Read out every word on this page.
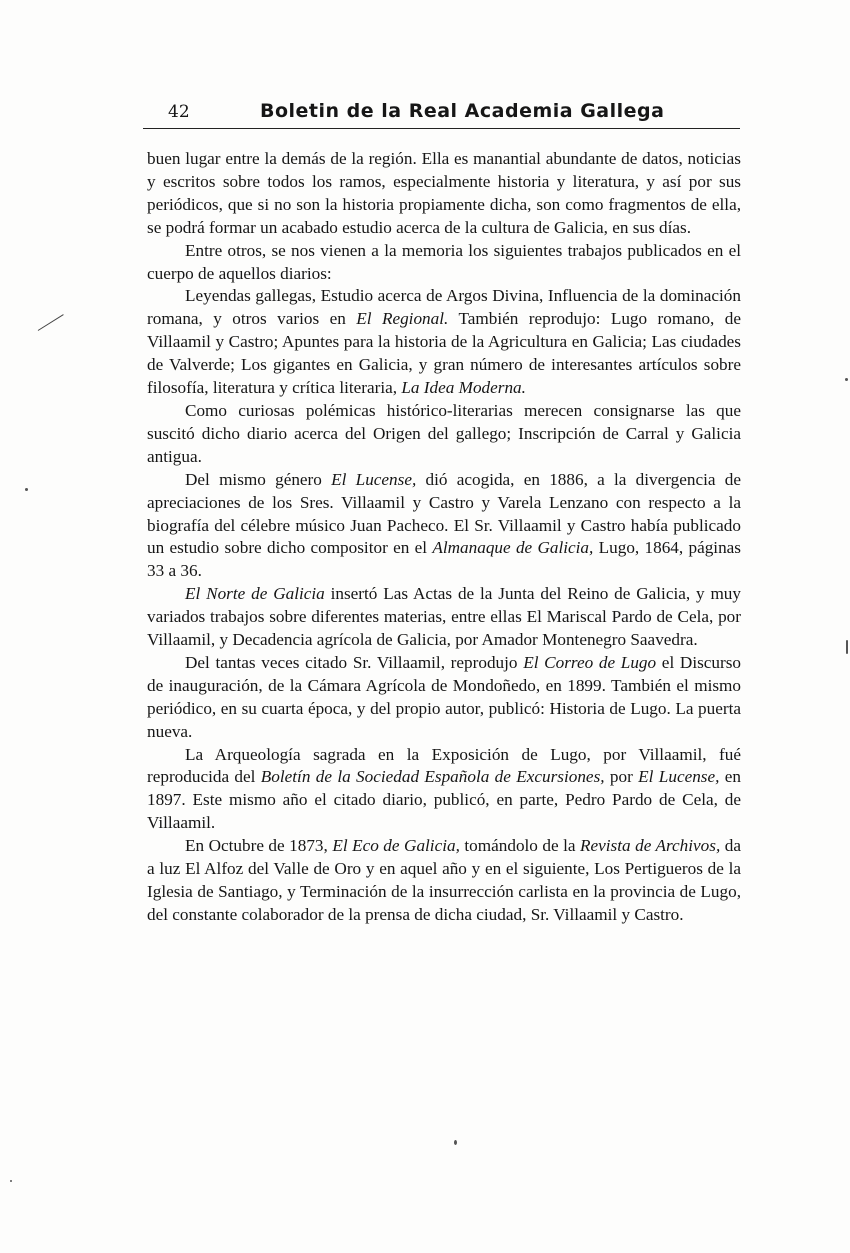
42	Boletin de la Real Academia Gallega

buen lugar entre la demás de la región. Ella es manantial abundante de datos, noticias y escritos sobre todos los ramos, especialmente historia y literatura, y así por sus periódicos, que si no son la historia propiamente dicha, son como fragmentos de ella, se podrá formar un acabado estudio acerca de la cultura de Galicia, en sus días.

Entre otros, se nos vienen a la memoria los siguientes trabajos publicados en el cuerpo de aquellos diarios:

Leyendas gallegas, Estudio acerca de Argos Divina, Influencia de la dominación romana, y otros varios en El Regional. También reprodujo: Lugo romano, de Villaamil y Castro; Apuntes para la historia de la Agricultura en Galicia; Las ciudades de Valverde; Los gigantes en Galicia, y gran número de interesantes artículos sobre filosofía, literatura y crítica literaria, La Idea Moderna.

Como curiosas polémicas histórico-literarias merecen consignarse las que suscitó dicho diario acerca del Origen del gallego; Inscripción de Carral y Galicia antigua.

Del mismo género El Lucense, dió acogida, en 1886, a la divergencia de apreciaciones de los Sres. Villaamil y Castro y Varela Lenzano con respecto a la biografía del célebre músico Juan Pacheco. El Sr. Villaamil y Castro había publicado un estudio sobre dicho compositor en el Almanaque de Galicia, Lugo, 1864, páginas 33 a 36.

El Norte de Galicia insertó Las Actas de la Junta del Reino de Galicia, y muy variados trabajos sobre diferentes materias, entre ellas El Mariscal Pardo de Cela, por Villaamil, y Decadencia agrícola de Galicia, por Amador Montenegro Saavedra.

Del tantas veces citado Sr. Villaamil, reprodujo El Correo de Lugo el Discurso de inauguración, de la Cámara Agrícola de Mondoñedo, en 1899. También el mismo periódico, en su cuarta época, y del propio autor, publicó: Historia de Lugo. La puerta nueva.

La Arqueología sagrada en la Exposición de Lugo, por Villaamil, fué reproducida del Boletín de la Sociedad Española de Excursiones, por El Lucense, en 1897. Este mismo año el citado diario, publicó, en parte, Pedro Pardo de Cela, de Villaamil.

En Octubre de 1873, El Eco de Galicia, tomándolo de la Revista de Archivos, da a luz El Alfoz del Valle de Oro y en aquel año y en el siguiente, Los Pertigueros de la Iglesia de Santiago, y Terminación de la insurrección carlista en la provincia de Lugo, del constante colaborador de la prensa de dicha ciudad, Sr. Villaamil y Castro.
